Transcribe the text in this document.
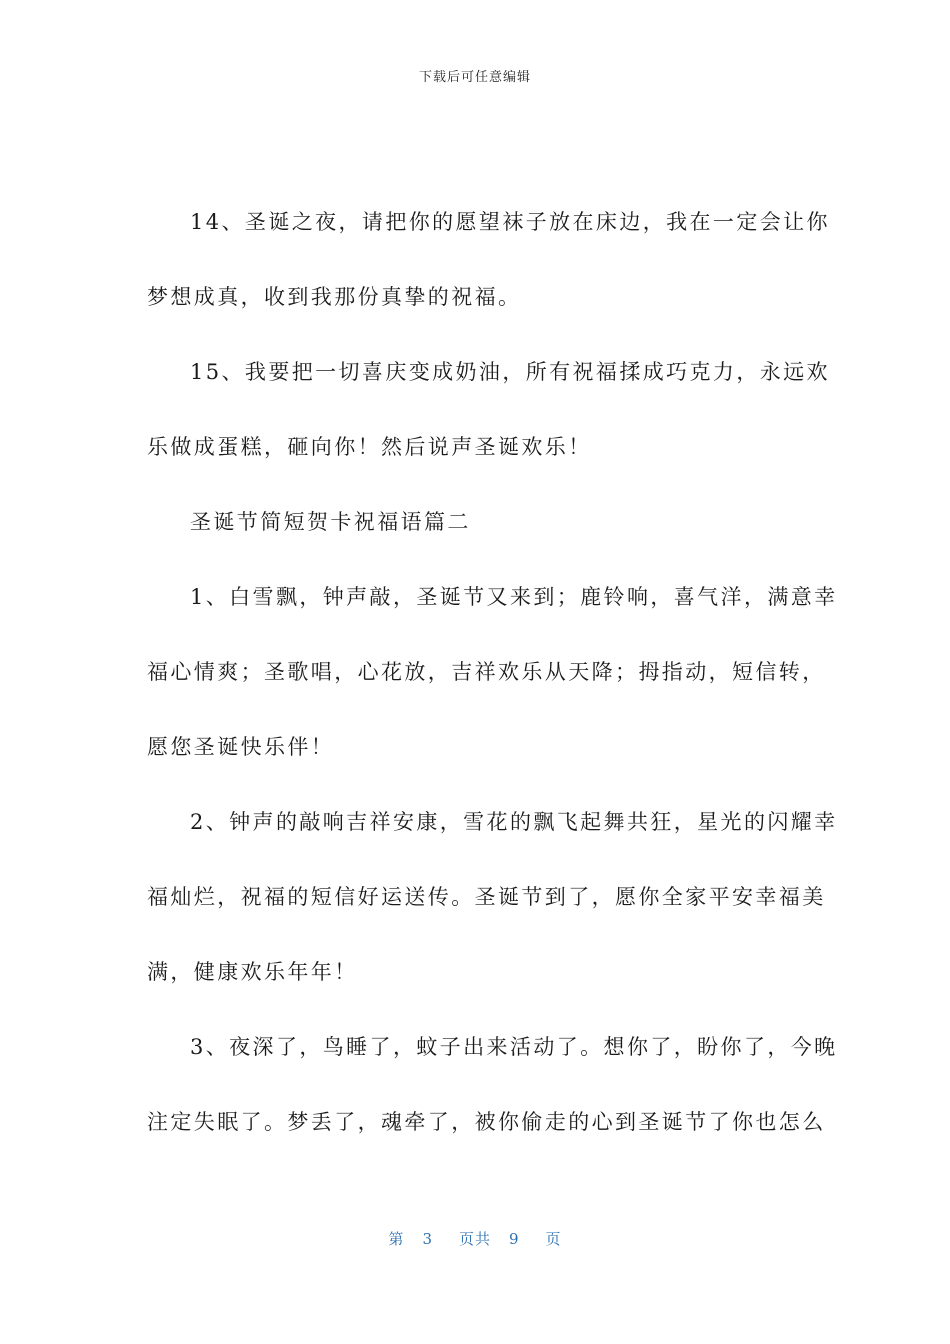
下载后可任意编辑
14、圣诞之夜，请把你的愿望袜子放在床边，我在一定会让你
梦想成真，收到我那份真挚的祝福。
15、我要把一切喜庆变成奶油，所有祝福揉成巧克力，永远欢
乐做成蛋糕，砸向你！然后说声圣诞欢乐！
圣诞节简短贺卡祝福语篇二
1、白雪飘，钟声敲，圣诞节又来到；鹿铃响，喜气洋，满意幸
福心情爽；圣歌唱，心花放，吉祥欢乐从天降；拇指动，短信转，
愿您圣诞快乐伴！
2、钟声的敲响吉祥安康，雪花的飘飞起舞共狂，星光的闪耀幸
福灿烂，祝福的短信好运送传。圣诞节到了，愿你全家平安幸福美
满，健康欢乐年年！
3、夜深了，鸟睡了，蚊子出来活动了。想你了，盼你了，今晚
注定失眠了。梦丢了，魂牵了，被你偷走的心到圣诞节了你也怎么
第 3 页共 9 页
